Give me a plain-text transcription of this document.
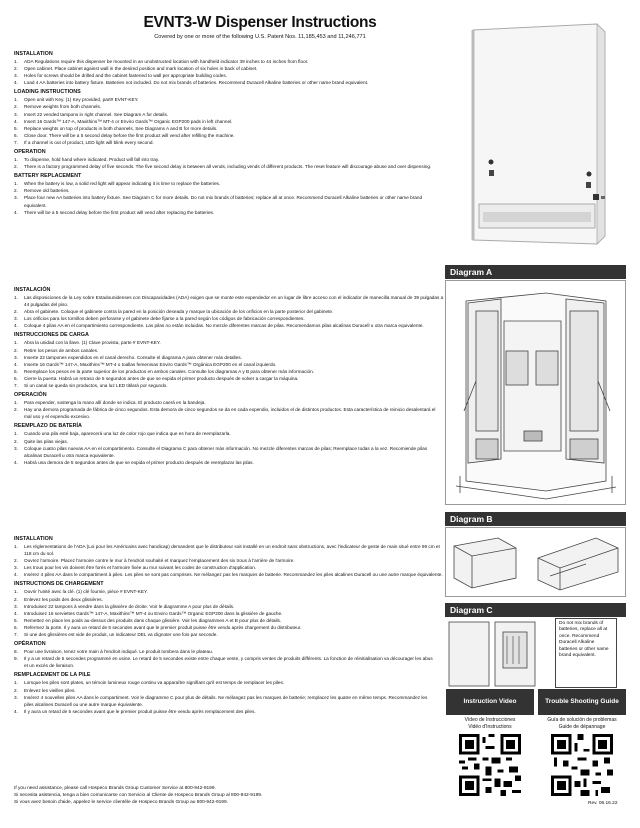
EVNT3-W Dispenser Instructions
Covered by one or more of the following U.S. Patent Nos. 11,185,453 and 11,246,771
INSTALLATION
1. ADA Regulations require this dispenser be mounted in an unobstructed location with handheld indicator 39 inches to 44 inches from floor.
2. Open cabinet. Place cabinet against wall in the desired position and mark location of six holes in back of cabinet.
3. Holes for screws should be drilled and the cabinet fastened to wall per appropriate building codes.
4. Load 4 AA batteries into battery fixture. Batteries not included. Do not mix brands of batteries. Recommend Duracell Alkaline batteries or other name brand equivalent.
LOADING INSTRUCTIONS
1. Open unit with Key. (1) Key provided, part# EVNT-KEY.
2. Remove weights from both channels.
3. Insert 22 vended tampons in right channel. See Diagram A for details.
4. Insert 16 Gards™ 147-A, Maxithins™ MT-4 or Envirо Gards™ Organic EGP200 pads in left channel.
5. Replace weights on top of products in both channels. See Diagrams A and B for more details.
6. Close door. There will be a 5 second delay before the first product will vend after refilling the machine.
7. If a channel is out of product, LED light will blink every second.
OPERATION
1. To dispense, hold hand where indicated. Product will fall into tray.
2. There is a factory programmed delay of five seconds. The five second delay is between all vends, including vends of different products. The reset feature will discourage abuse and over dispensing.
BATTERY REPLACEMENT
1. When the battery is low, a solid red light will appear indicating it is time to replace the batteries.
2. Remove old batteries.
3. Place four new AA batteries into battery fixture. See Diagram C for more details. Do not mix brands of batteries; replace all at once. Recommend Duracell Alkaline batteries or other name brand equivalent.
4. There will be a 5 second delay before the first product will vend after replacing the batteries.
INSTALACIÓN
1. Las disposiciones de la Ley sobre Estadounidenses con Discapacidades (ADA) exigen que se monte este expendedor en un lugar de libre acceso con el indicador de manecilla manual de 39 pulgadas a 44 pulgadas del piso.
2. Abra el gabinete. Coloque el gabinete contra la pared en la posición deseada y marque la ubicación de los orificios en la parte posterior del gabinete.
3. Los orificios para los tornillos deben perforarse y el gabinete debe fijarse a la pared según los códigos de fabricación correspondientes.
4. Coloque 4 pilas AA en el compartimiento correspondiente. Las pilas no están incluidas. No mezcle diferentes marcas de pilas. Recomendamos pilas alcalinas Duracell u otra marca equivalente.
INSTRUCCIONES DE CARGA
1. Abra la unidad con la llave. (1) Clave provista, parte # EVNT-KEY.
2. Retire los pesos de ambos canales.
3. Inserte 22 tampones expendidos en el canal derecho. Consulte el diagrama A para obtener más detalles.
4. Inserte 16 Gards™ 147-A, Maxithins™ MT-4 o toallas femeninas Enviro Gards™ Orgánica EGP200 en el canal izquierdo.
5. Reemplace los pesos en la parte superior de los productos en ambos canales. Consulte los diagramas A y B para obtener más información.
6. Cierre la puerta. Habrá un retraso de 5 segundos antes de que se expida el primer producto después de volver a cargar la máquina.
7. Si un canal se queda sin productos, una luz LED titilará por segundo.
OPERACIÓN
1. Para expender, sostenga la mano allí donde se indica. El producto caerá en la bandeja.
2. Hay una demora programada de fábrica de cinco segundos. Esta demora de cinco segundos se da en cada expendio, incluidos el de distintos productos. Esta característica de reinicio desalentará el mal uso y el expendio excesivo.
REEMPLAZO DE BATERÍA
1. Cuando una pila esté baja, aparecerá una luz de color rojo que indica que es hora de reemplazarla.
2. Quite las pilas viejas.
3. Coloque cuatro pilas nuevas AA en el compartimento. Consulte el Diagrama C para obtener más información. No mezcle diferentes marcas de pilas; Reemplace todas a la vez. Recomiende pilas alcalinas Duracell u otra marca equivalente.
4. Habrá una demora de 5 segundos antes de que se expida el primer producto después de reemplazar las pilas.
INSTALLATION
1. Les réglementations de l'ADA (Loi pour les Américains avec handicap) demandent que le distributeur soit installé en un endroit sans obstructions, avec l'indicateur de geste de main situé entre 99 cm et 118 cm du sol.
2. Ouvrez l'armoire. Placez l'armoire contre le mur à l'endroit souhaité et marquez l'emplacement des six trous à l'arrière de l'armoire.
3. Les trous pour les vis doivent être forés et l'armoire fixée au mur suivant les codes de construction d'application.
4. Insérez 4 piles AA dans le compartiment à piles. Les piles ne sont pas comprises. Ne mélangez pas les marques de batterie. Recommandez les piles alcalines Duracell ou une autre marque équivalente.
INSTRUCTIONS DE CHARGEMENT
1. Ouvrir l'unité avec la clé. (1) clé fournie, pièce # EVNT-KEY.
2. Enlevez les poids des deux glissières.
3. Introduisez 22 tampons à vendre dans la glissière de droite. Voir le diagramme A pour plus de détails.
4. Introduisez 16 serviettes Gards™ 147-A, Maxithins™ MT-4 ou Enviro Gards™ Organic EGP200 dans la glissière de gauche.
5. Remettez en place les poids au-dessus des produits dans chaque glissière. Voir les diagrammes A et B pour plus de détails.
6. Refermez la porte. Il y aura un retard de 5 secondes avant que le premier produit puisse être vendu après chargement du distributeur.
7. Si une des glissières est vide de produit, un indicateur DEL va clignoter une fois par seconde.
OPÉRATION
8. Pour une livraison, tenez votre main à l'endroit indiqué. Le produit tombera dans le plateau.
9. Il y a un retard de 5 secondes programmé en usine. Le retard de 5 secondes existe entre chaque vente, y compris ventes de produits différents. La fonction de réinitialisation va décourager les abus et un excès de livraison.
REMPLACEMENT DE LA PILE
1. Lorsque les piles sont plates, un témoin lumineux rouge continu va apparaître signifiant qu'il est temps de remplacer les piles.
2. Enlevez les vieilles piles.
3. Insérez 4 nouvelles piles AA dans le compartiment. Voir le diagramme C pour plus de détails. Ne mélangez pas les marques de batterie; remplacez les quatre en même temps. Recommandez les piles alcalines Duracell ou une autre marque équivalente.
4. Il y aura un retard de 5 secondes avant que le premier produit puisse être vendu après remplacement des piles.
Diagram A
Diagram B
Diagram C
Do not mix brands of batteries, replace all at once. Recommend Duracell Alkaline batteries or other name brand equivalent.
Instruction Video	Trouble Shooting Guide
Vídeo de Instrucciones
Vidéo d'Instructions
Guía de solución de problemas
Guide de dépannage
If you need assistance, please call Hospeco Brands Group Customer Service at 800-942-9199.
Si necesita asistencia, tenga a bien comunicarse con Servicio al Cliente de Hospeco Brands Group al 800-942-9199.
Si vous avez besoin d'aide, appelez le service clientèle de Hospeco Brands Group au 800-942-9199.	Rev. 06.16.22
